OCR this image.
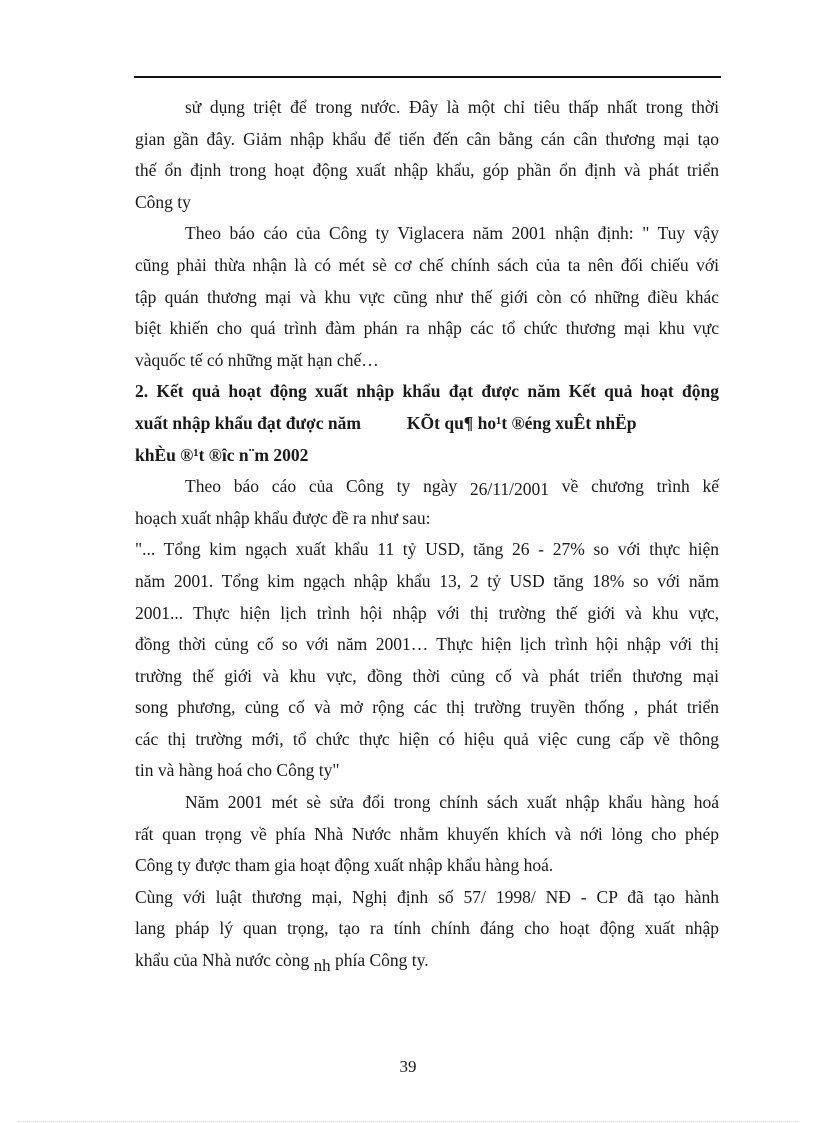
sử dụng triệt để trong nước. Đây là một chỉ tiêu thấp nhất trong thời
gian gần đây. Giảm nhập khẩu để tiến đến cân bằng cán cân thương mại tạo
thế ổn định trong hoạt động xuất nhập khẩu, góp phần ổn định và phát triển
Công ty
Theo báo cáo của Công ty Viglacera năm 2001 nhận định: " Tuy vậy
cũng phải thừa nhận là có mét sè cơ chế chính sách của ta nên đối chiếu với
tập quán thương mại và khu vực cũng như thế giới còn có những điều khác
biệt khiến cho quá trình đàm phán ra nhập các tổ chức thương mại khu vực
vàquốc tế có những mặt hạn chế…
2. Kết quả hoạt động xuất nhập khẩu đạt được năm Kết quả hoạt động
xuất nhập khẩu đạt được năm	KÕt qu¶ ho¹t ®éng xuÊt nhËp
khÈu ®¹t ®îc n¨m 2002
Theo báo cáo của Công ty ngày 26/11/2001 về chương trình kế
hoạch xuất nhập khẩu được đề ra như sau:
"... Tổng kim ngạch xuất khẩu 11 tỷ USD, tăng 26 - 27% so với thực hiện
năm 2001. Tổng kim ngạch nhập khẩu 13, 2 tỷ USD tăng 18% so với năm
2001... Thực hiện lịch trình hội nhập với thị trường thế giới và khu vực,
đồng thời củng cố so với năm 2001… Thực hiện lịch trình hội nhập với thị
trường thế giới và khu vực, đồng thời củng cố và phát triển thương mại
song phương, củng cố và mở rộng các thị trường truyền thống , phát triển
các thị trường mới, tổ chức thực hiện có hiệu quả việc cung cấp về thông
tin và hàng hoá cho Công ty"
Năm 2001 mét sè sửa đổi trong chính sách xuất nhập khẩu hàng hoá
rất quan trọng về phía Nhà Nước nhằm khuyến khích và nới lỏng cho phép
Công ty được tham gia hoạt động xuất nhập khẩu hàng hoá.
Cùng với luật thương mại, Nghị định số 57/ 1998/ NĐ - CP đã tạo hành
lang pháp lý quan trọng, tạo ra tính chính đáng cho hoạt động xuất nhập
khẩu của Nhà nước còng nh phía Công ty.
39
